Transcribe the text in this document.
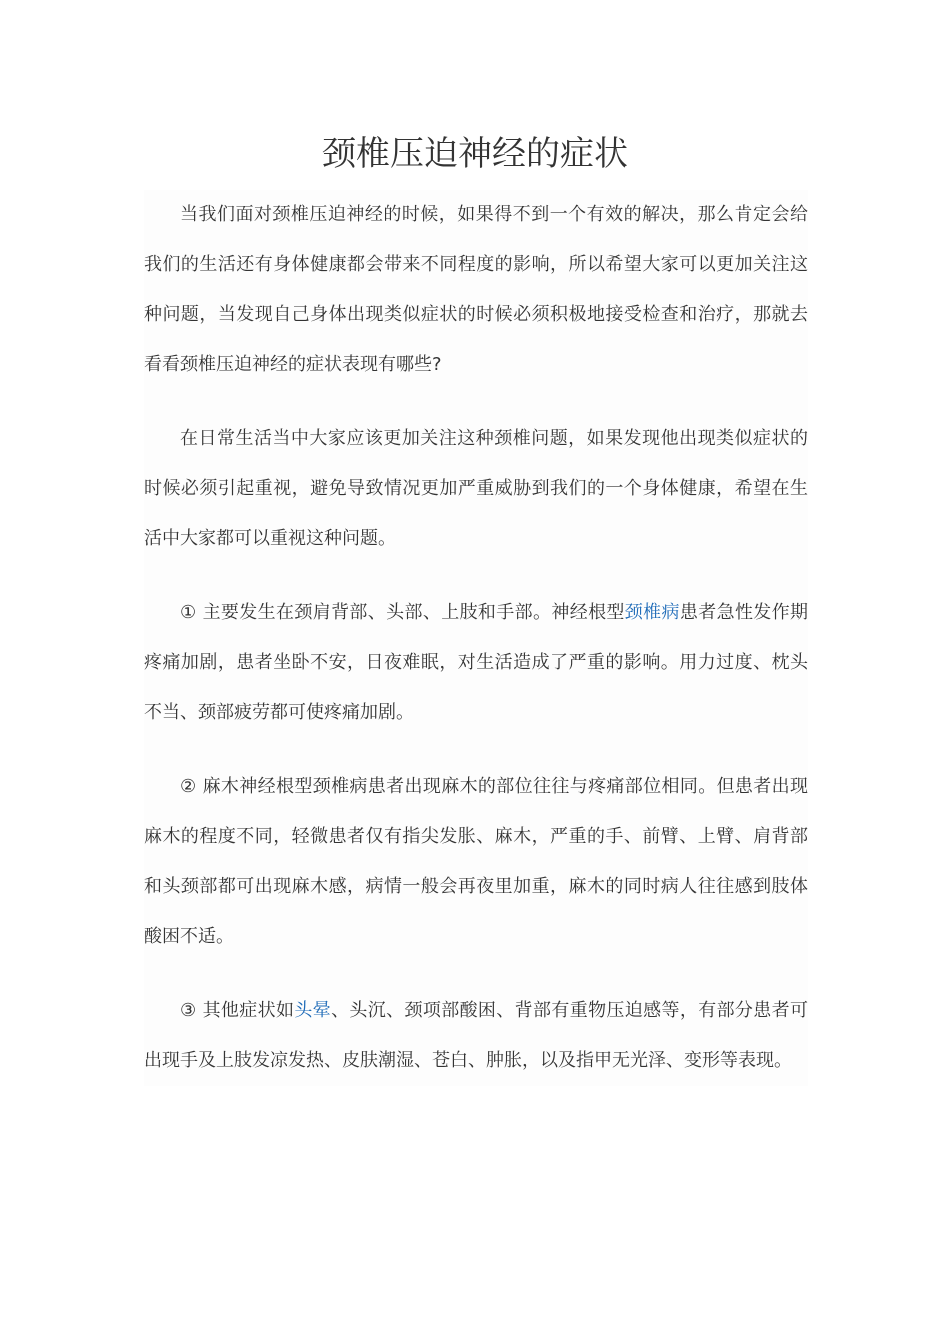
颈椎压迫神经的症状

当我们面对颈椎压迫神经的时候，如果得不到一个有效的解决，那么肯定会给我们的生活还有身体健康都会带来不同程度的影响，所以希望大家可以更加关注这种问题，当发现自己身体出现类似症状的时候必须积极地接受检查和治疗，那就去看看颈椎压迫神经的症状表现有哪些?

在日常生活当中大家应该更加关注这种颈椎问题，如果发现他出现类似症状的时候必须引起重视，避免导致情况更加严重威胁到我们的一个身体健康，希望在生活中大家都可以重视这种问题。

① 主要发生在颈肩背部、头部、上肢和手部。神经根型颈椎病患者急性发作期疼痛加剧，患者坐卧不安，日夜难眠，对生活造成了严重的影响。用力过度、枕头不当、颈部疲劳都可使疼痛加剧。

② 麻木神经根型颈椎病患者出现麻木的部位往往与疼痛部位相同。但患者出现麻木的程度不同，轻微患者仅有指尖发胀、麻木，严重的手、前臂、上臂、肩背部和头颈部都可出现麻木感，病情一般会再夜里加重，麻木的同时病人往往感到肢体酸困不适。

③ 其他症状如头晕、头沉、颈项部酸困、背部有重物压迫感等，有部分患者可出现手及上肢发凉发热、皮肤潮湿、苍白、肿胀，以及指甲无光泽、变形等表现。
